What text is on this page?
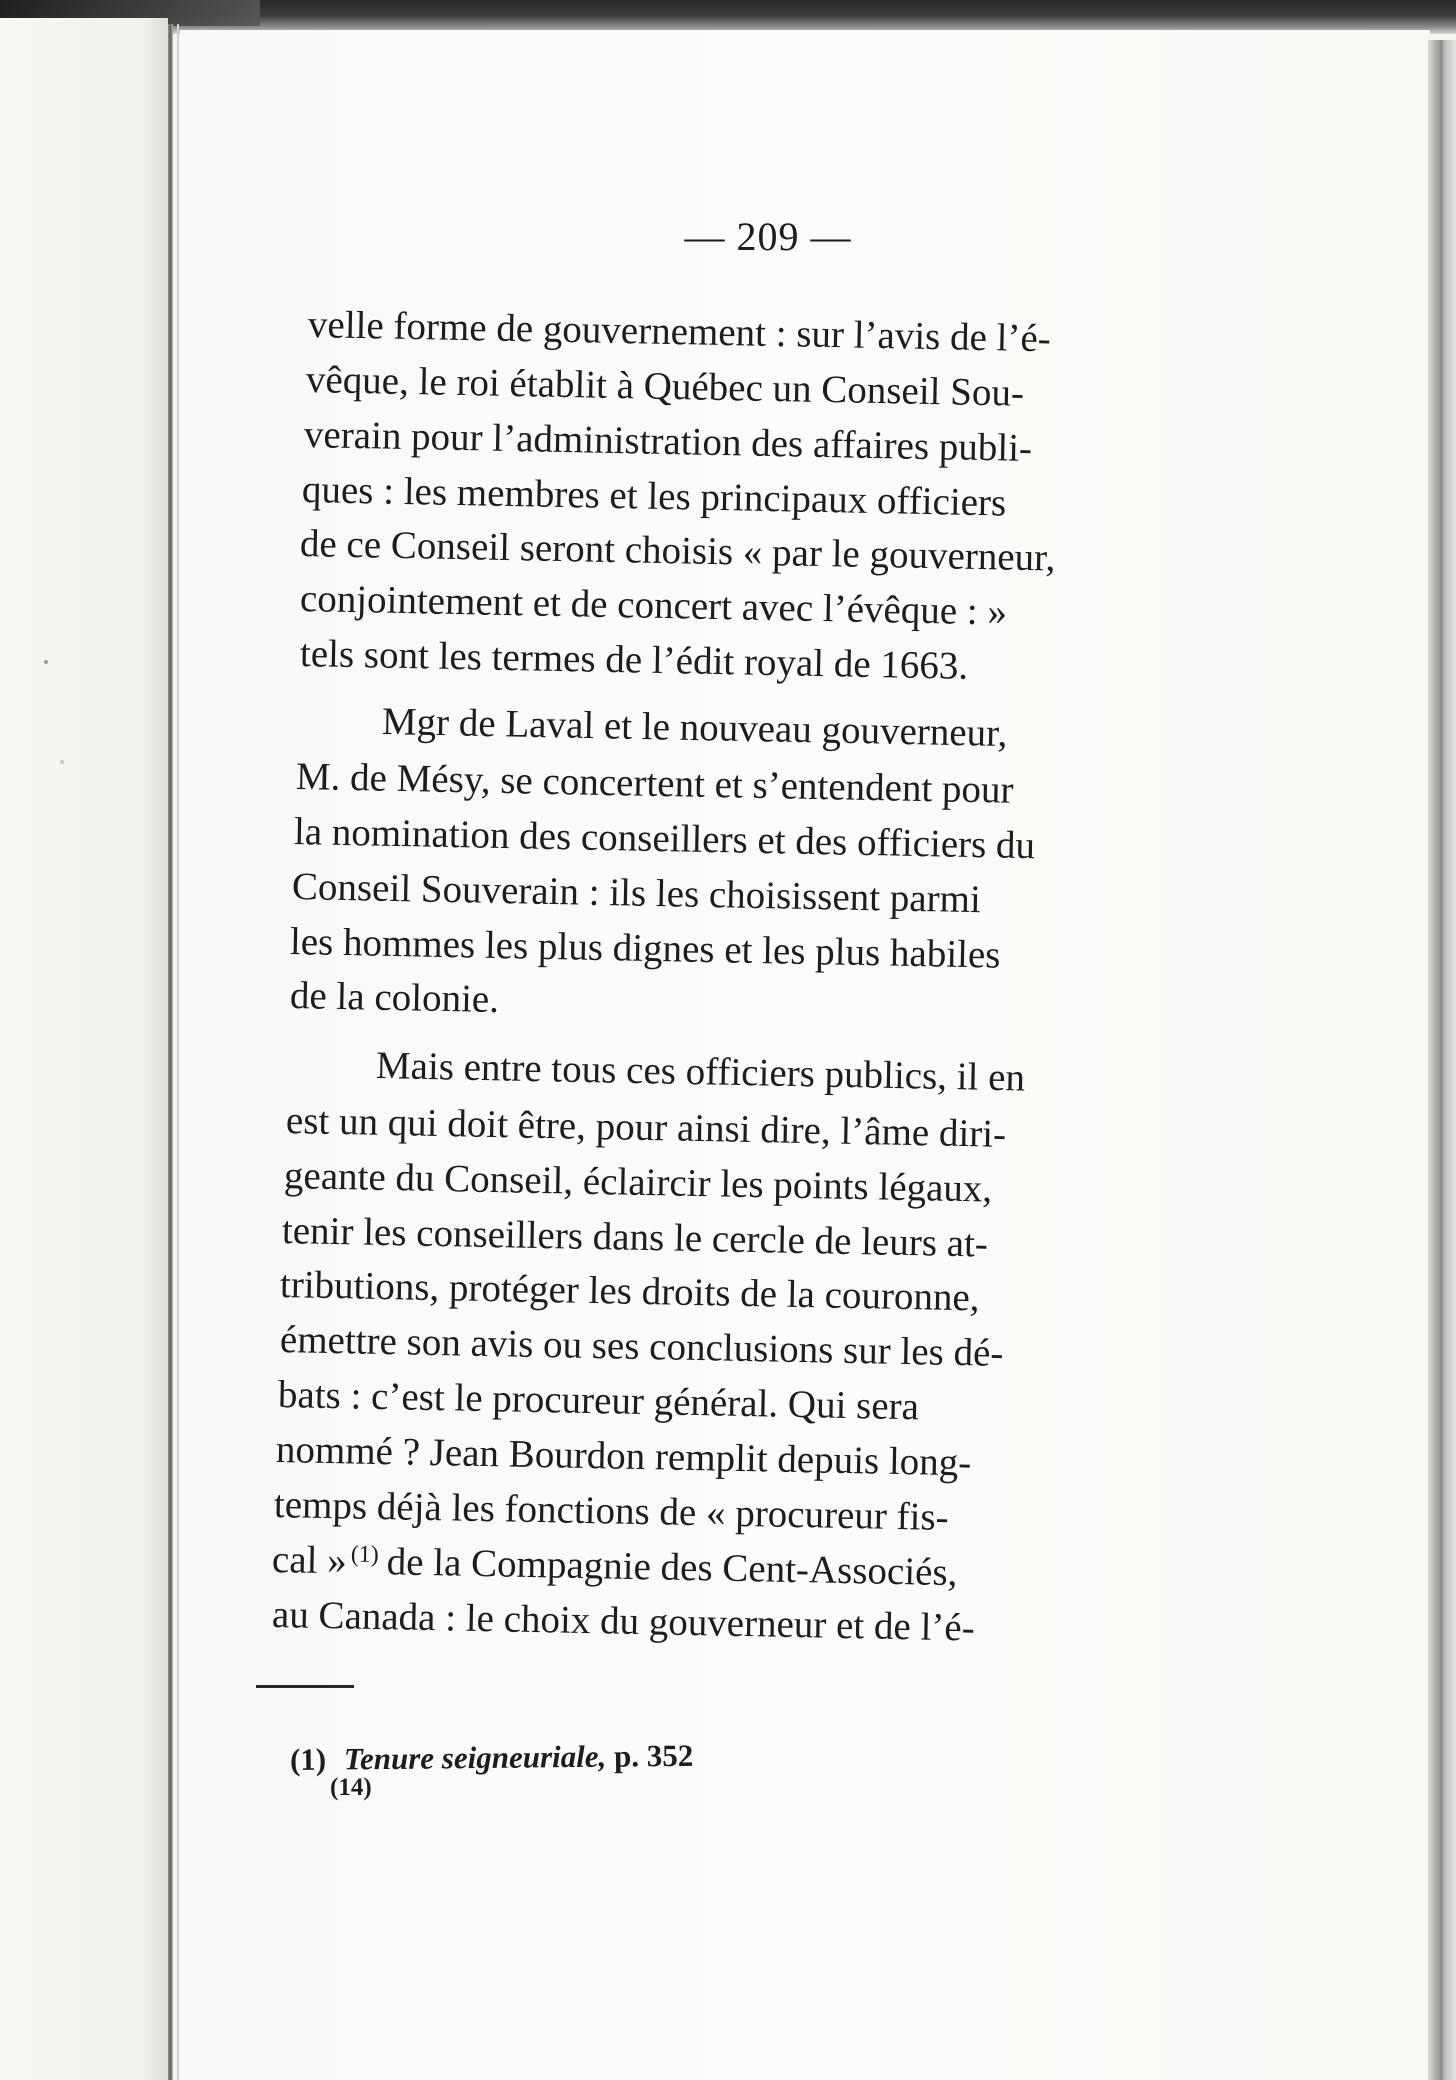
— 209 —
velle forme de gouvernement : sur l’avis de l’é-
vêque, le roi établit à Québec un Conseil Sou-
verain pour l’administration des affaires publi-
ques : les membres et les principaux officiers
de ce Conseil seront choisis « par le gouverneur,
conjointement et de concert avec l’évêque : »
tels sont les termes de l’édit royal de 1663.
Mgr de Laval et le nouveau gouverneur,
M. de Mésy, se concertent et s’entendent pour
la nomination des conseillers et des officiers du
Conseil Souverain : ils les choisissent parmi
les hommes les plus dignes et les plus habiles
de la colonie.
Mais entre tous ces officiers publics, il en
est un qui doit être, pour ainsi dire, l’âme diri-
geante du Conseil, éclaircir les points légaux,
tenir les conseillers dans le cercle de leurs at-
tributions, protéger les droits de la couronne,
émettre son avis ou ses conclusions sur les dé-
bats : c’est le procureur général. Qui sera
nommé ? Jean Bourdon remplit depuis long-
temps déjà les fonctions de « procureur fis-
cal » $^{(1)}$ de la Compagnie des Cent-Associés,
au Canada : le choix du gouverneur et de l’é-
(1) Tenure seigneuriale, p. 352
(14)
